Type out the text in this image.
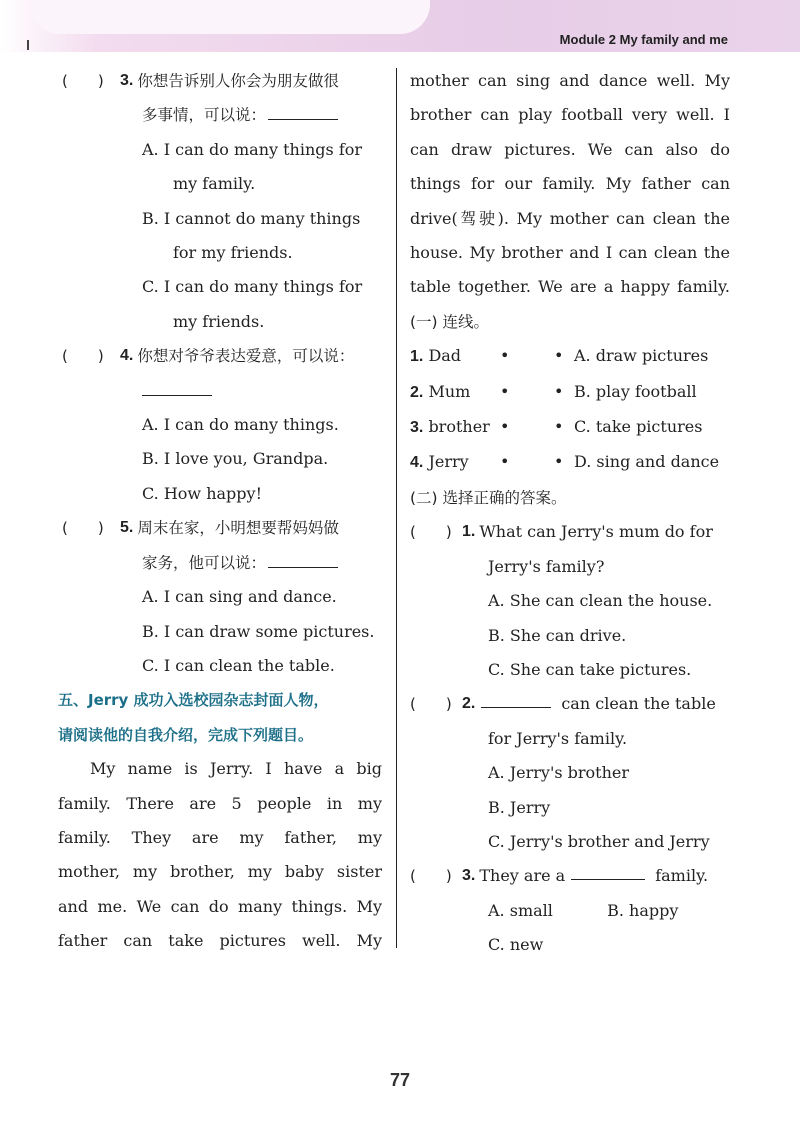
Module 2 My family and me
(　　)	3. 你想告诉别人你会为朋友做很
多事情，可以说：
A. I can do many things for
my family.
B. I cannot do many things
for my friends.
C. I can do many things for
my friends.
(　　)	4. 你想对爷爷表达爱意，可以说：
A. I can do many things.
B. I love you, Grandpa.
C. How happy!
(　　)	5. 周末在家，小明想要帮妈妈做
家务，他可以说：
A. I can sing and dance.
B. I can draw some pictures.
C. I can clean the table.
五、Jerry 成功入选校园杂志封面人物，
请阅读他的自我介绍，完成下列题目。
My name is Jerry. I have a big
family. There are 5 people in my
family. They are my father, my
mother, my brother, my baby sister
and me. We can do many things. My
father can take pictures well. My
mother can sing and dance well. My
brother can play football very well. I
can draw pictures. We can also do
things for our family. My father can
drive(驾驶). My mother can clean the
house. My brother and I can clean the
table together. We are a happy family.
(一) 连线。
1. Dad	•	• A. draw pictures
2. Mum	•	• B. play football
3. brother •	• C. take pictures
4. Jerry	•	• D. sing and dance
(二) 选择正确的答案。
(　　) 1. What can Jerry's mum do for
Jerry's family?
A. She can clean the house.
B. She can drive.
C. She can take pictures.
(　　) 2.	can clean the table
for Jerry's family.
A. Jerry's brother
B. Jerry
C. Jerry's brother and Jerry
(　　) 3. They are a	family.
A. small	B. happy
C. new
77
